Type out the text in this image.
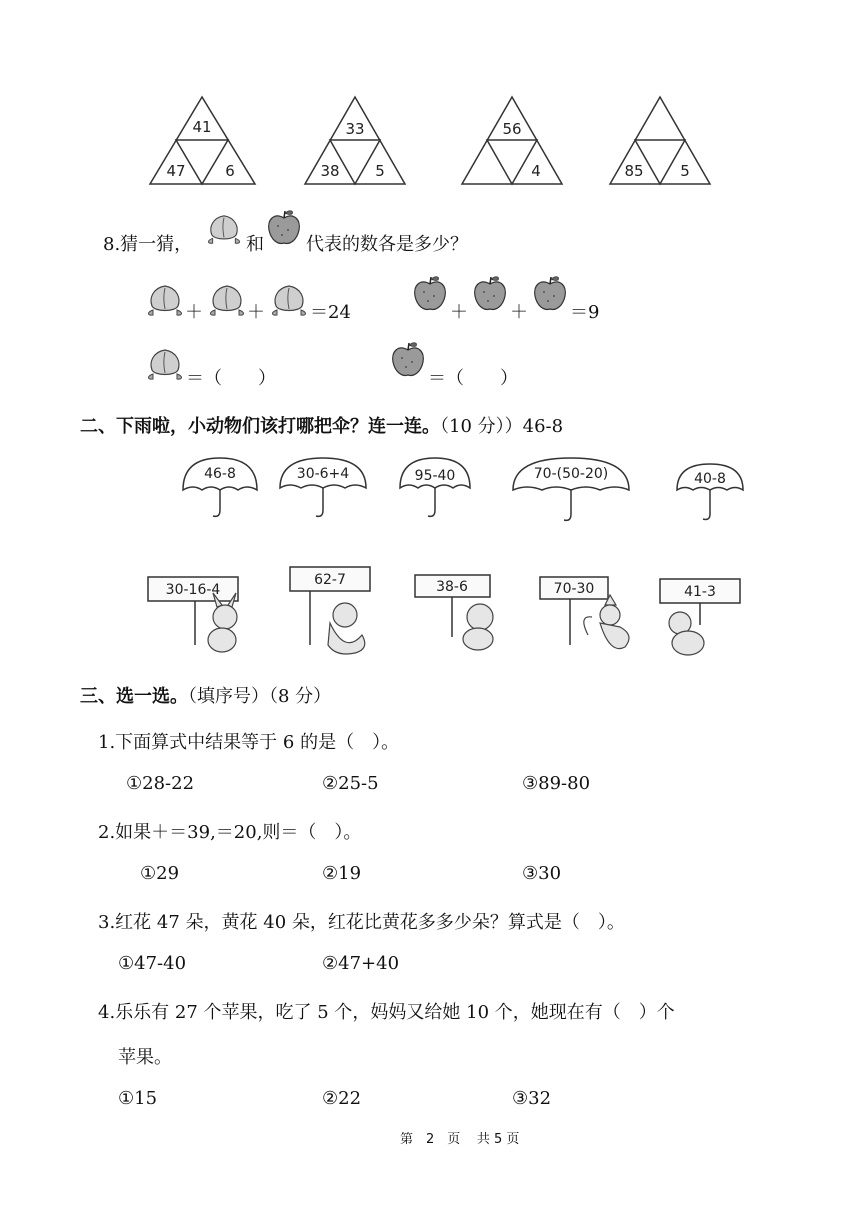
41
47	6
33
38 5
56
4	85 5
8.猜一猜，	和 代表的数各是多少？
＋ ＋	＝24	＋ ＋ ＝9
＝（　　）	＝（　　）
二、下雨啦，小动物们该打哪把伞？连一连。（10 分））46-8
46-8	30-6+4	95-40	70-(50-20)	40-8
30-16-4
62-7	38-6	70-30	41-3
三、选一选。（填序号）（8 分）
1.下面算式中结果等于 6 的是（　）。
①28-22	②25-5	③89-80
2.如果＋＝39,＝20,则＝（　）。
①29	②19	③30
3.红花 47 朵，黄花 40 朵，红花比黄花多多少朵？算式是（　）。
①47-40	②47+40
4.乐乐有 27 个苹果，吃了 5 个，妈妈又给她 10 个，她现在有（　）个
苹果。
①15	②22	③32
第　2　页 共 5 页
